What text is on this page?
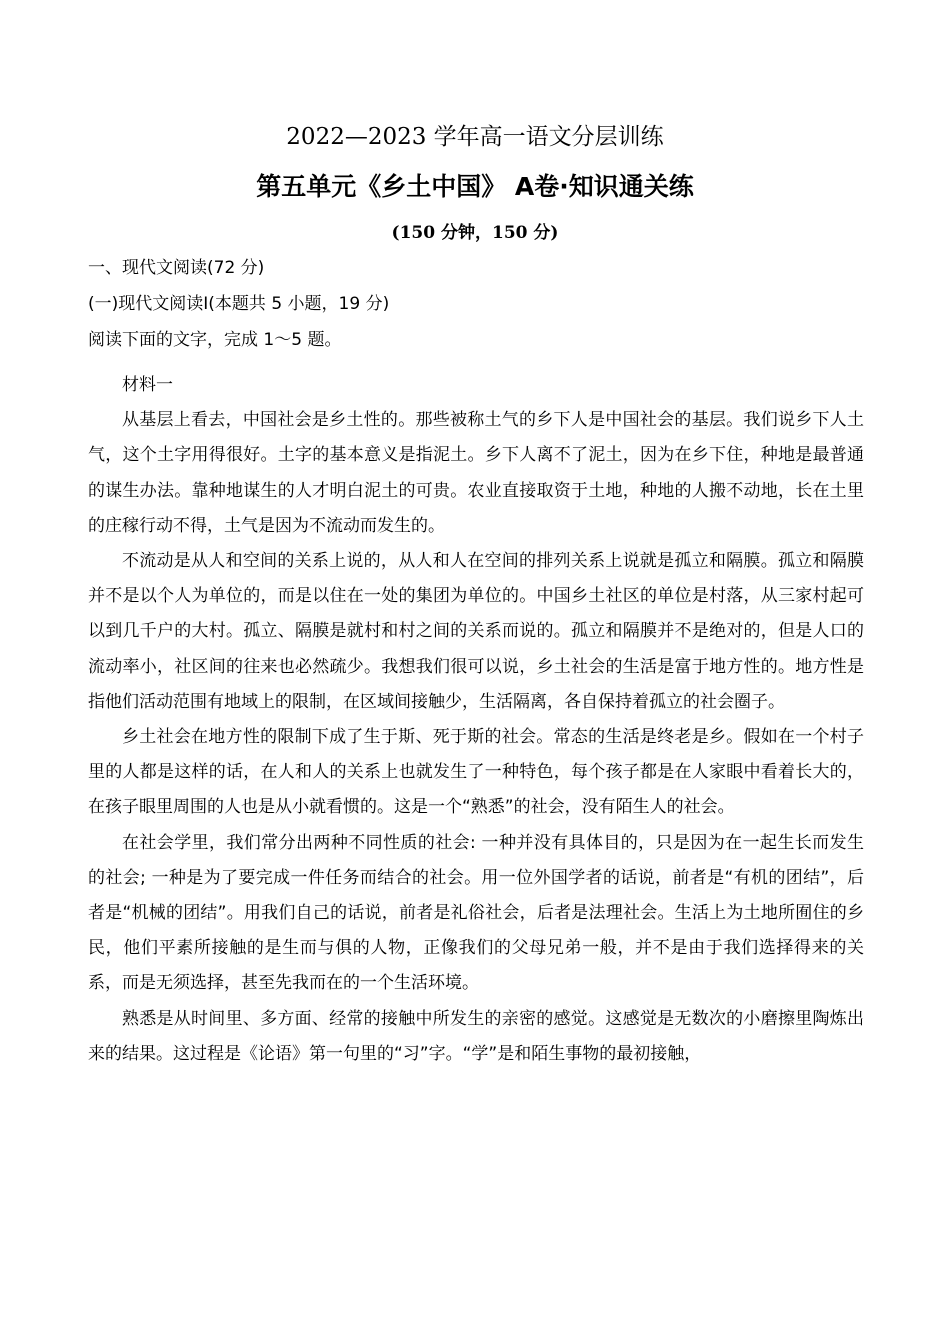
2022—2023 学年高一语文分层训练
第五单元《乡土中国》 A卷·知识通关练
(150 分钟，150 分)
一、现代文阅读(72 分)
(一)现代文阅读Ⅰ(本题共 5 小题，19 分)
阅读下面的文字，完成 1～5 题。

材料一

从基层上看去，中国社会是乡土性的。那些被称土气的乡下人是中国社会的基层。我们说乡下人土气，这个土字用得很好。土字的基本意义是指泥土。乡下人离不了泥土，因为在乡下住，种地是最普通的谋生办法。靠种地谋生的人才明白泥土的可贵。农业直接取资于土地，种地的人搬不动地，长在土里的庄稼行动不得，土气是因为不流动而发生的。

不流动是从人和空间的关系上说的，从人和人在空间的排列关系上说就是孤立和隔膜。孤立和隔膜并不是以个人为单位的，而是以住在一处的集团为单位的。中国乡土社区的单位是村落，从三家村起可以到几千户的大村。孤立、隔膜是就村和村之间的关系而说的。孤立和隔膜并不是绝对的，但是人口的流动率小，社区间的往来也必然疏少。我想我们很可以说，乡土社会的生活是富于地方性的。地方性是指他们活动范围有地域上的限制，在区域间接触少，生活隔离，各自保持着孤立的社会圈子。

乡土社会在地方性的限制下成了生于斯、死于斯的社会。常态的生活是终老是乡。假如在一个村子里的人都是这样的话，在人和人的关系上也就发生了一种特色，每个孩子都是在人家眼中看着长大的，在孩子眼里周围的人也是从小就看惯的。这是一个“熟悉”的社会，没有陌生人的社会。

在社会学里，我们常分出两种不同性质的社会: 一种并没有具体目的，只是因为在一起生长而发生的社会; 一种是为了要完成一件任务而结合的社会。用一位外国学者的话说，前者是“有机的团结”，后者是“机械的团结”。用我们自己的话说，前者是礼俗社会，后者是法理社会。生活上为土地所囿住的乡民，他们平素所接触的是生而与俱的人物，正像我们的父母兄弟一般，并不是由于我们选择得来的关系，而是无须选择，甚至先我而在的一个生活环境。

熟悉是从时间里、多方面、经常的接触中所发生的亲密的感觉。这感觉是无数次的小磨擦里陶炼出来的结果。这过程是《论语》第一句里的“习”字。“学”是和陌生事物的最初接触，
